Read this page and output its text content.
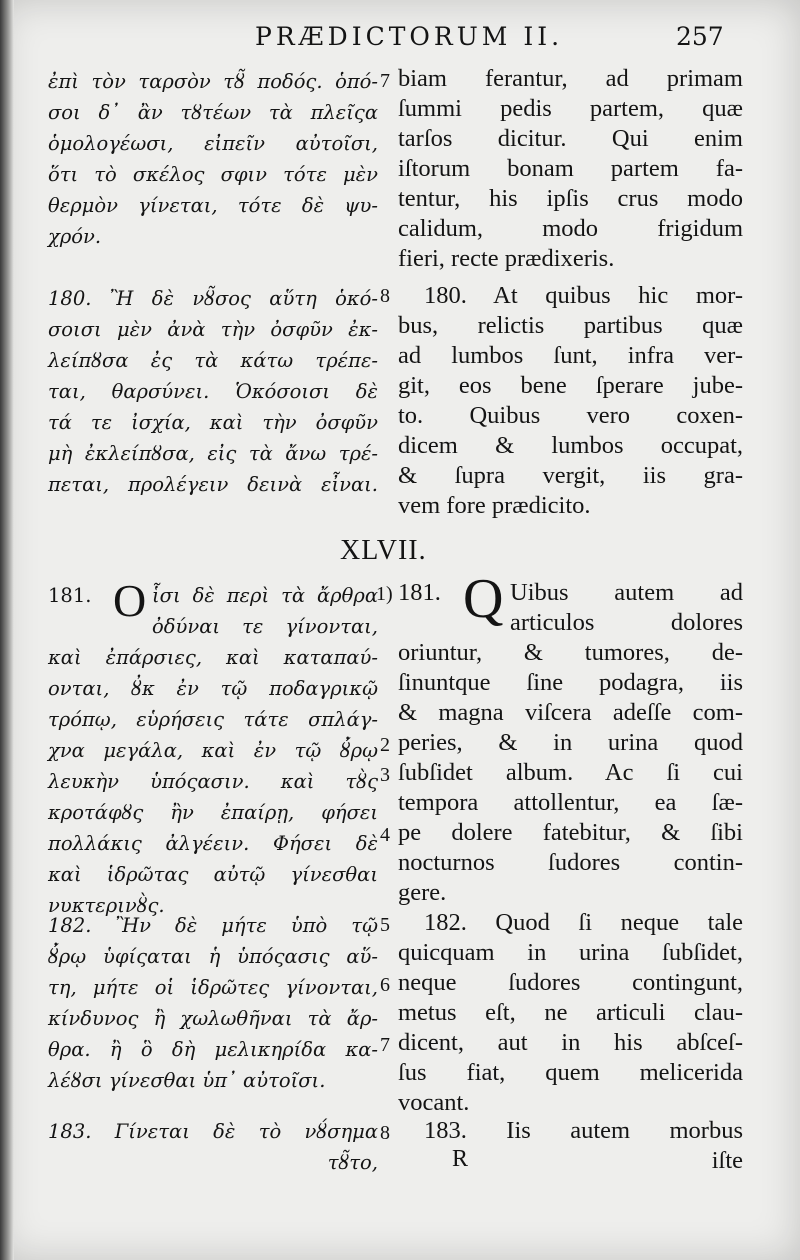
PRÆDICTORUM II.	257
ἐπὶ τὸν ταρσὸν τȣ̃ ποδός. ὁπό-
σοι δ᾽ ἂν τȣτέων τὰ πλεῖςα
ὁμολογέωσι, εἰπεῖν αὐτοῖσι,
ὅτι τὸ σκέλος σφιν τότε μὲν
θερμὸν γίνεται, τότε δὲ ψυ-
χρόν.
180. Ἢ δὲ νȣ̃σος αὕτη ὁκό-
σοισι μὲν ἀνὰ τὴν ὀσφῦν ἐκ-
λείπȣσα ἐς τὰ κάτω τρέπε-
ται, θαρσύνει. Ὁκόσοισι δὲ
τά τε ἰσχία, καὶ τὴν ὀσφῦν
μὴ ἐκλείπȣσα, εἰς τὰ ἄνω τρέ-
πεται, προλέγειν δεινὰ εἶναι.
181. Ο ἷσι δὲ περὶ τὰ ἄρθρα
ὀδύναι τε γίνονται,
καὶ ἐπάρσιες, καὶ καταπαύ-
ονται, ȣ̓κ ἐν τῷ ποδαγρικῷ
τρόπῳ, εὑρήσεις τάτε σπλάγ-
χνα μεγάλα, καὶ ἐν τῷ ȣ̓́ρῳ
λευκὴν ὑπόςασιν. καὶ τȣ̀ς
κροτάφȣς ἢν ἐπαίρῃ, φήσει
πολλάκις ἀλγέειν. Φήσει δὲ
καὶ ἱδρῶτας αὐτῷ γίνεσθαι
νυκτερινȣ̀ς.
182. Ἢν δὲ μήτε ὑπὸ τῷ
ȣ̓́ρῳ ὑφίςαται ἡ ὑπόςασις αὕ-
τη, μήτε οἱ ἱδρῶτες γίνονται,
κίνδυνος ἢ χωλωθῆναι τὰ ἄρ-
θρα. ἢ ὃ δὴ μελικηρίδα κα-
λέȣσι γίνεσθαι ὑπ᾽ αὐτοῖσι.
183. Γίνεται δὲ τὸ νȣ́σημα
τȣ̃το,
7
8
1)
2
3
4
5
6
7
8
biam ferantur, ad primam
ſummi pedis partem, quæ
tarſos dicitur. Qui enim
iſtorum bonam partem fa-
tentur, his ipſis crus modo
calidum, modo frigidum
fieri, recte prædixeris.
180. At quibus hic mor-
bus, relictis partibus quæ
ad lumbos ſunt, infra ver-
git, eos bene ſperare jube-
to. Quibus vero coxen-
dicem & lumbos occupat,
& ſupra vergit, iis gra-
vem fore prædicito.
XLVII.
181. Q Uibus autem ad
articulos dolores
oriuntur, & tumores, de-
ſinuntque ſine podagra, iis
& magna viſcera adeſſe com-
peries, & in urina quod
ſubſidet album. Ac ſi cui
tempora attollentur, ea ſæ-
pe dolere fatebitur, & ſibi
nocturnos ſudores contin-
gere.
182. Quod ſi neque tale
quicquam in urina ſubſidet,
neque ſudores contingunt,
metus eſt, ne articuli clau-
dicent, aut in his abſceſ-
ſus fiat, quem melicerida
vocant.
183. Iis autem morbus
iſte
R
